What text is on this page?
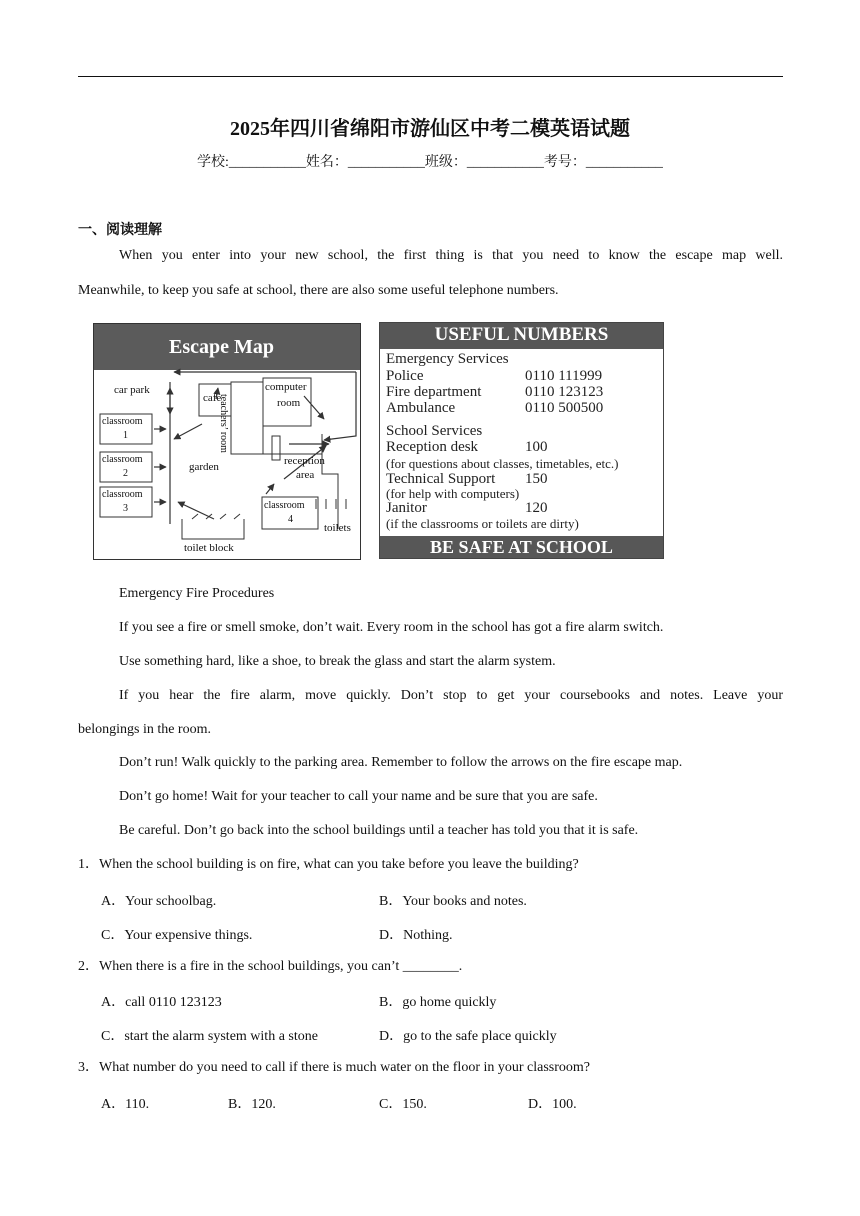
2025年四川省绵阳市游仙区中考二模英语试题
学校:___________姓名：___________班级：___________考号：___________
一、阅读理解
When you enter into your new school, the first thing is that you need to know the escape map well.
Meanwhile, to keep you safe at school, there are also some useful telephone numbers.
Escape Map
car park
cafe
teachers’ room
computer
room
classroom
1
classroom
2
classroom
3
garden	reception
area
classroom
4
toilets
toilet block
USEFUL NUMBERS
Emergency Services
Police	0110 111999
Fire department	0110 123123
Ambulance	0110 500500
School Services
Reception desk	100
(for questions about classes, timetables, etc.)
Technical Support 150
(for help with computers)
Janitor	120
(if the classrooms or toilets are dirty)
BE SAFE AT SCHOOL
Emergency Fire Procedures
If you see a fire or smell smoke, don’t wait. Every room in the school has got a fire alarm switch.
Use something hard, like a shoe, to break the glass and start the alarm system.
If you hear the fire alarm, move quickly. Don’t stop to get your coursebooks and notes. Leave your
belongings in the room.
Don’t run! Walk quickly to the parking area. Remember to follow the arrows on the fire escape map.
Don’t go home! Wait for your teacher to call your name and be sure that you are safe.
Be careful. Don’t go back into the school buildings until a teacher has told you that it is safe.
1．When the school building is on fire, what can you take before you leave the building?
A．Your schoolbag.	B．Your books and notes.
C．Your expensive things.	D．Nothing.
2．When there is a fire in the school buildings, you can’t ________.
A．call 0110 123123	B．go home quickly
C．start the alarm system with a stone	D．go to the safe place quickly
3．What number do you need to call if there is much water on the floor in your classroom?
A．110.	B．120.	C．150.	D．100.
